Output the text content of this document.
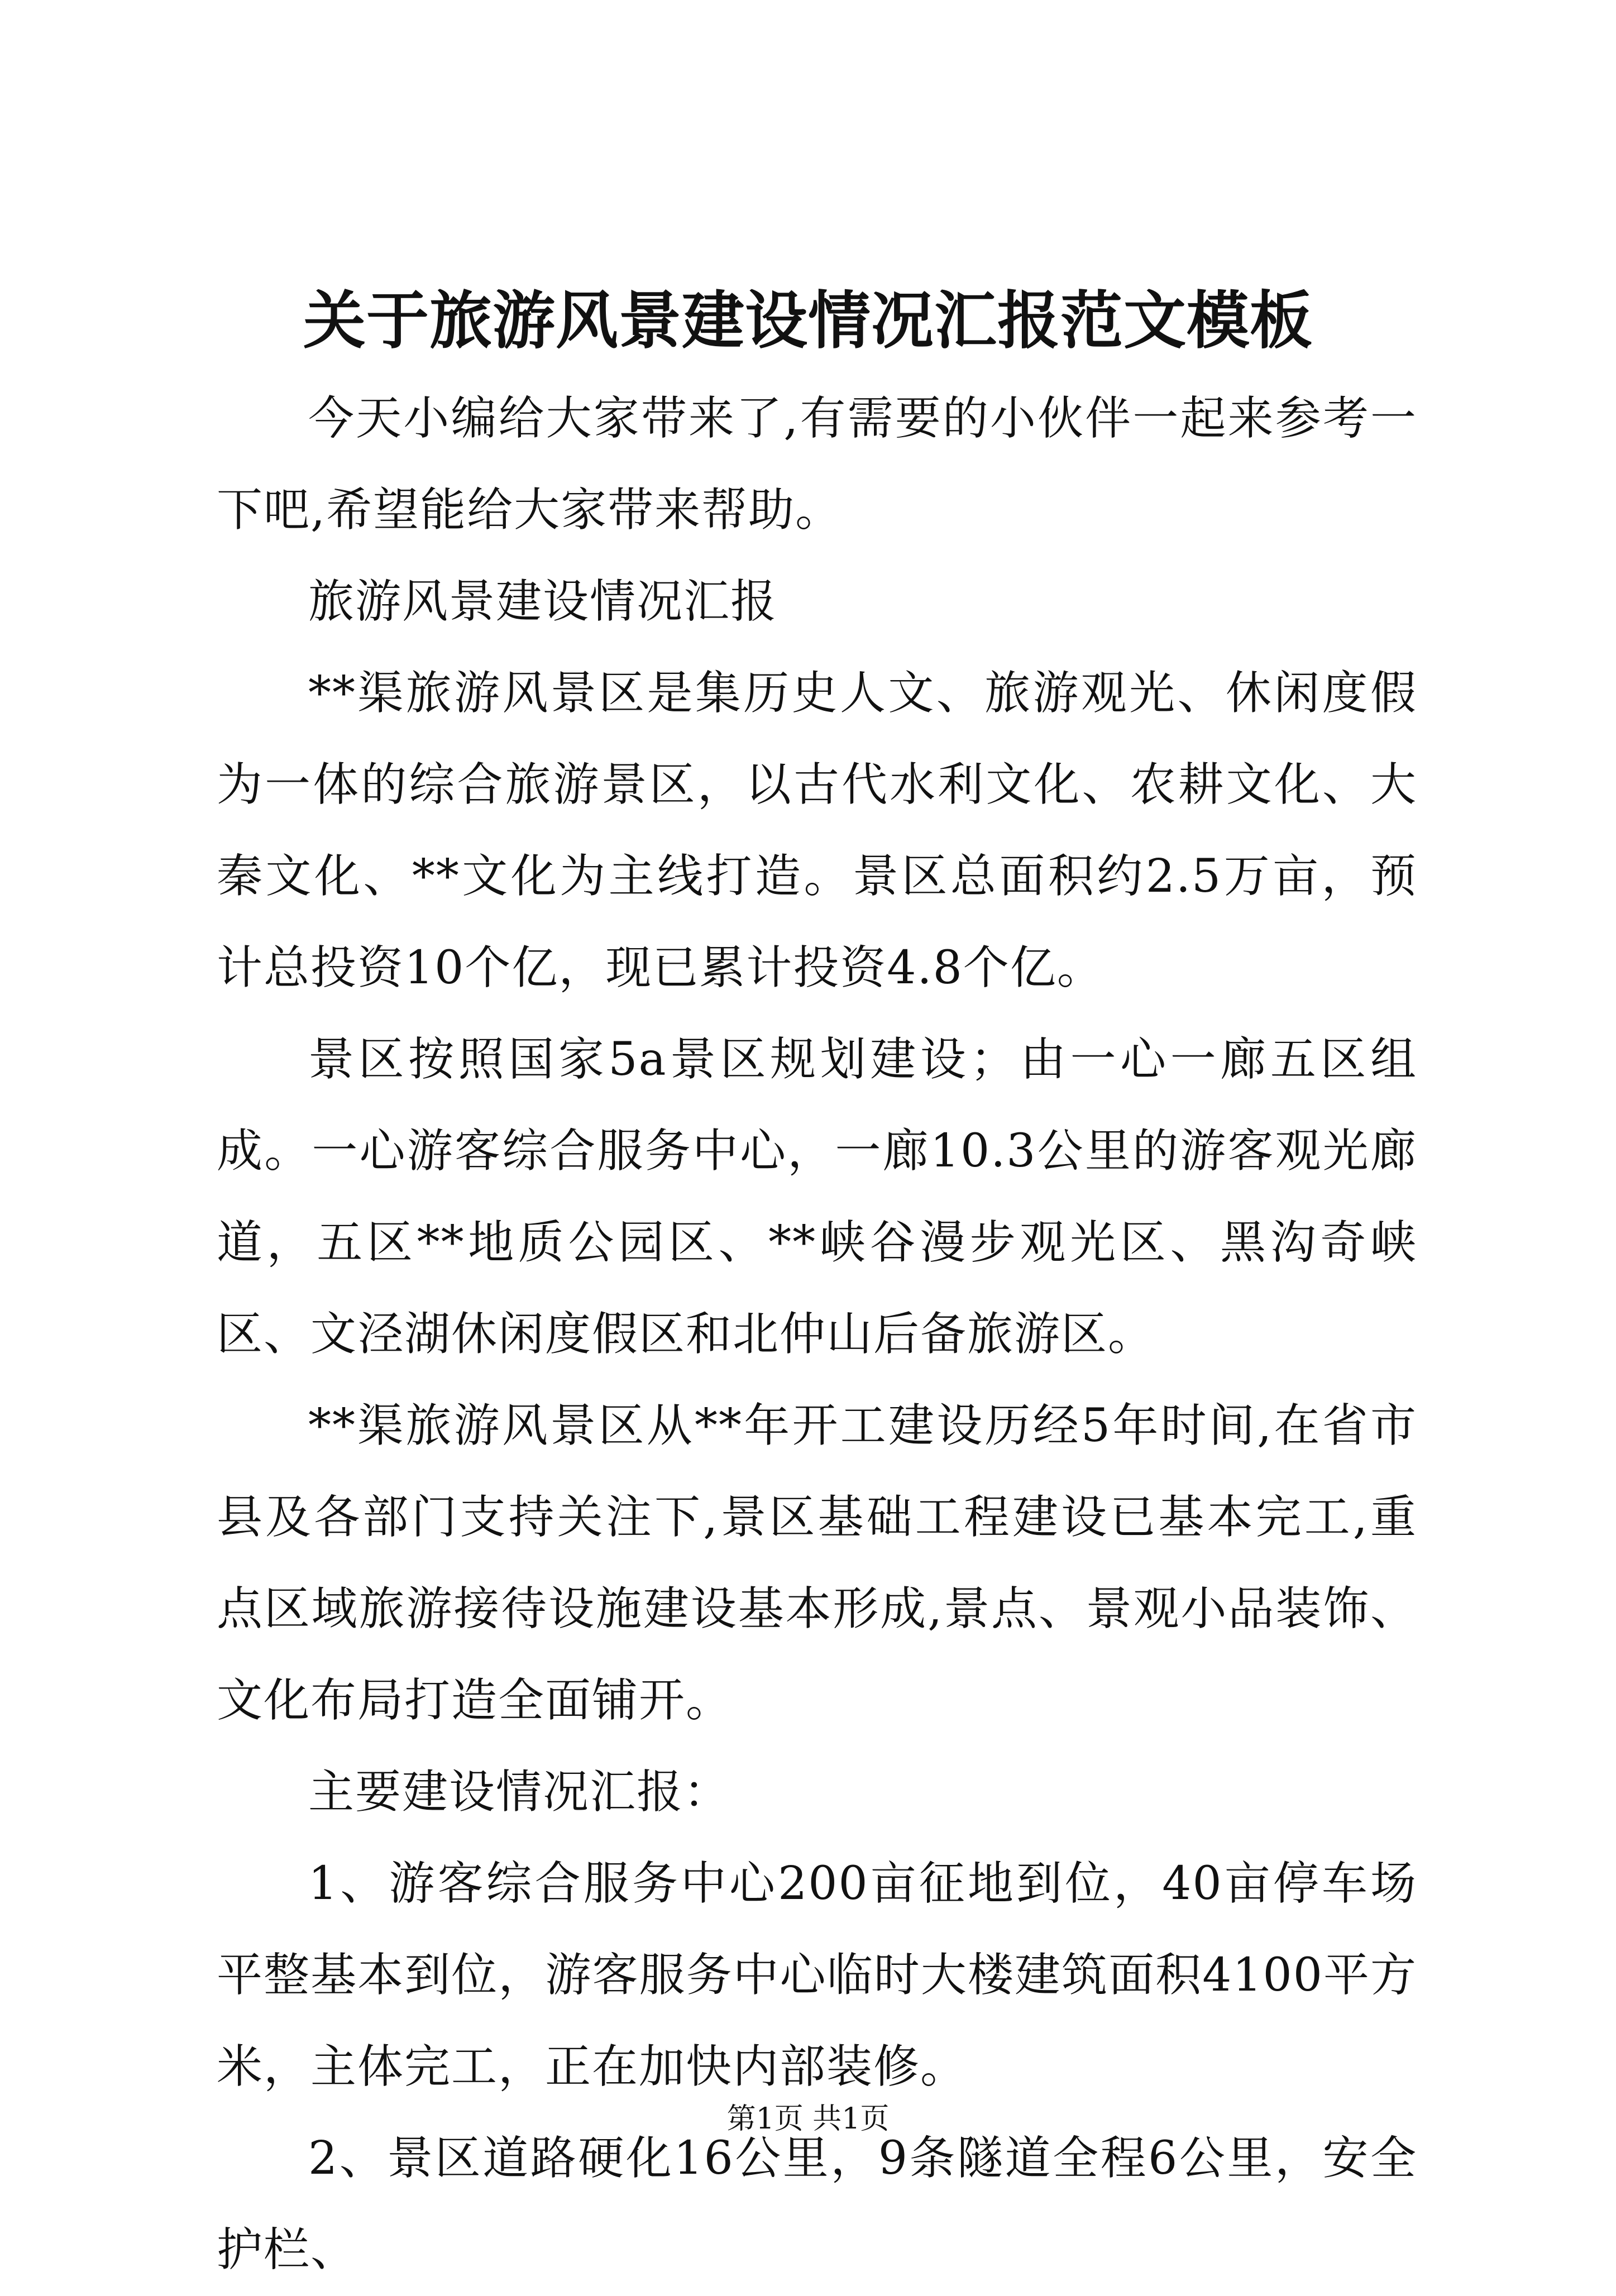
关于旅游风景建设情况汇报范文模板

今天小编给大家带来了,有需要的小伙伴一起来参考一下吧,希望能给大家带来帮助。

旅游风景建设情况汇报

**渠旅游风景区是集历史人文、旅游观光、休闲度假为一体的综合旅游景区，以古代水利文化、农耕文化、大秦文化、**文化为主线打造。景区总面积约2.5万亩，预计总投资10个亿，现已累计投资4.8个亿。

景区按照国家5a景区规划建设；由一心一廊五区组成。一心游客综合服务中心，一廊10.3公里的游客观光廊道，五区**地质公园区、**峡谷漫步观光区、黑沟奇峡区、文泾湖休闲度假区和北仲山后备旅游区。

**渠旅游风景区从**年开工建设历经5年时间,在省市县及各部门支持关注下,景区基础工程建设已基本完工,重点区域旅游接待设施建设基本形成,景点、景观小品装饰、文化布局打造全面铺开。

主要建设情况汇报：

1、游客综合服务中心200亩征地到位，40亩停车场平整基本到位，游客服务中心临时大楼建筑面积4100平方米，主体完工，正在加快内部装修。

2、景区道路硬化16公里，9条隧道全程6公里，安全护栏、

第1页 共1页
